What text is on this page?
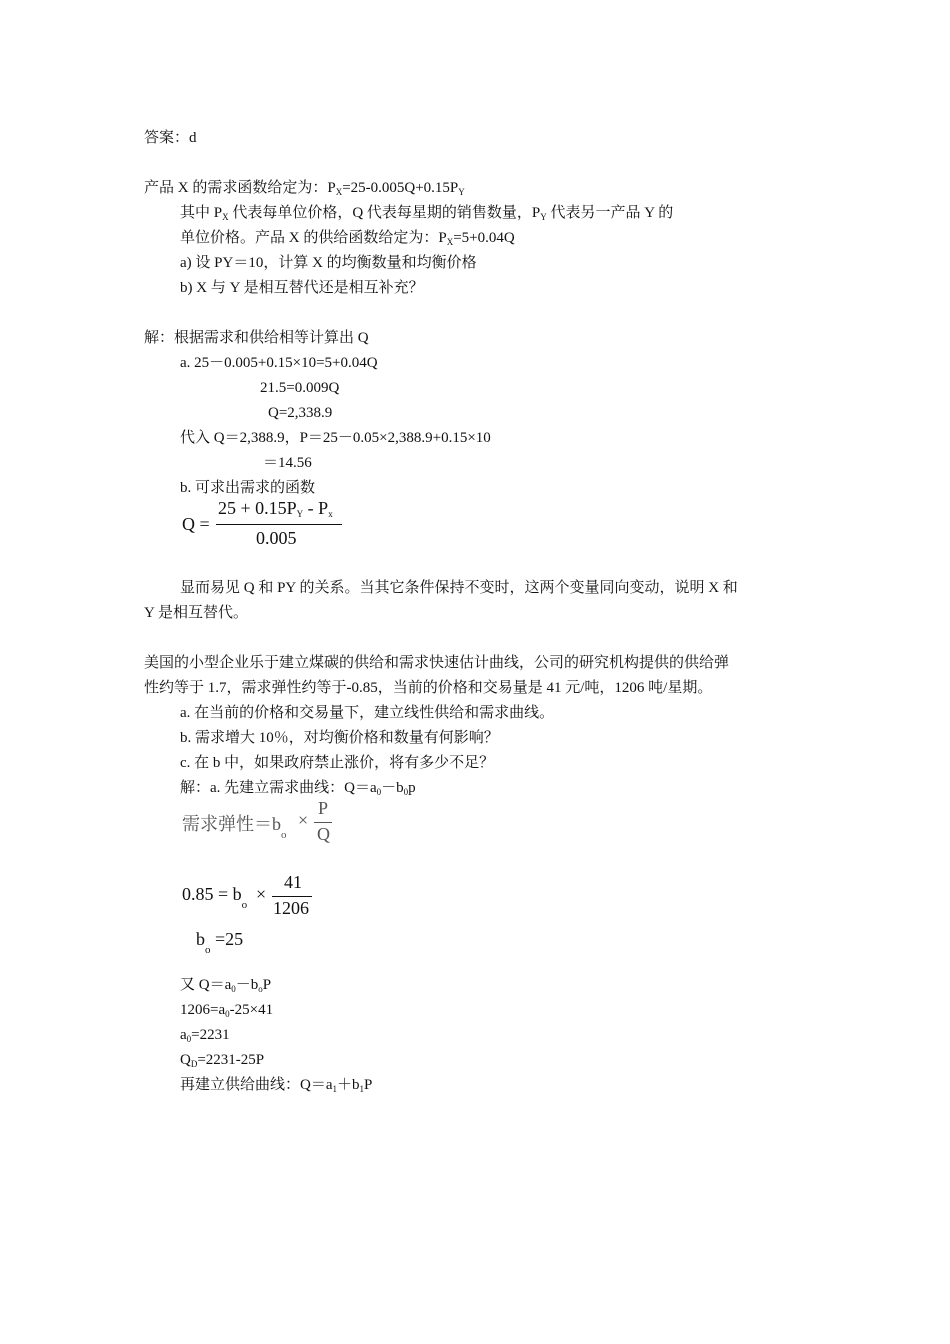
答案：d
产品 X 的需求函数给定为：$P_X=25-0.005Q+0.15P_Y$
其中 $P_X$ 代表每单位价格，Q 代表每星期的销售数量，$P_Y$ 代表另一产品 Y 的
单位价格。产品 X 的供给函数给定为：$P_X=5+0.04Q$
a) 设 PY＝10，计算 X 的均衡数量和均衡价格
b) X 与 Y 是相互替代还是相互补充？
解：根据需求和供给相等计算出 Q
a. 25－0.005+0.15×10=5+0.04Q
21.5=0.009Q
Q=2,338.9
代入 Q＝2,388.9，P＝25－0.05×2,388.9+0.15×10
＝14.56
b. 可求出需求的函数
Q =
$25 + 0.15P_Y - P_x$
0.005
显而易见 Q 和 PY 的关系。当其它条件保持不变时，这两个变量同向变动，说明 X 和
Y 是相互替代。
美国的小型企业乐于建立煤碳的供给和需求快速估计曲线，公司的研究机构提供的供给弹
性约等于 1.7，需求弹性约等于-0.85，当前的价格和交易量是 41 元/吨，1206 吨/星期。
a. 在当前的价格和交易量下，建立线性供给和需求曲线。
b. 需求增大 10％，对均衡价格和数量有何影响？
c. 在 b 中，如果政府禁止涨价，将有多少不足？
解：a. 先建立需求曲线：$Q=a_0-b_0p$
需求弹性$=b_o$
×
P
Q
$0.85 = b_o$
×
41
1206
$b_o =25$
又 $Q=a_0-b_oP$
$1206=a_0-25\times 41$
$a_0=2231$
$Q_D=2231-25P$
再建立供给曲线：$Q=a_1+b_1P$
